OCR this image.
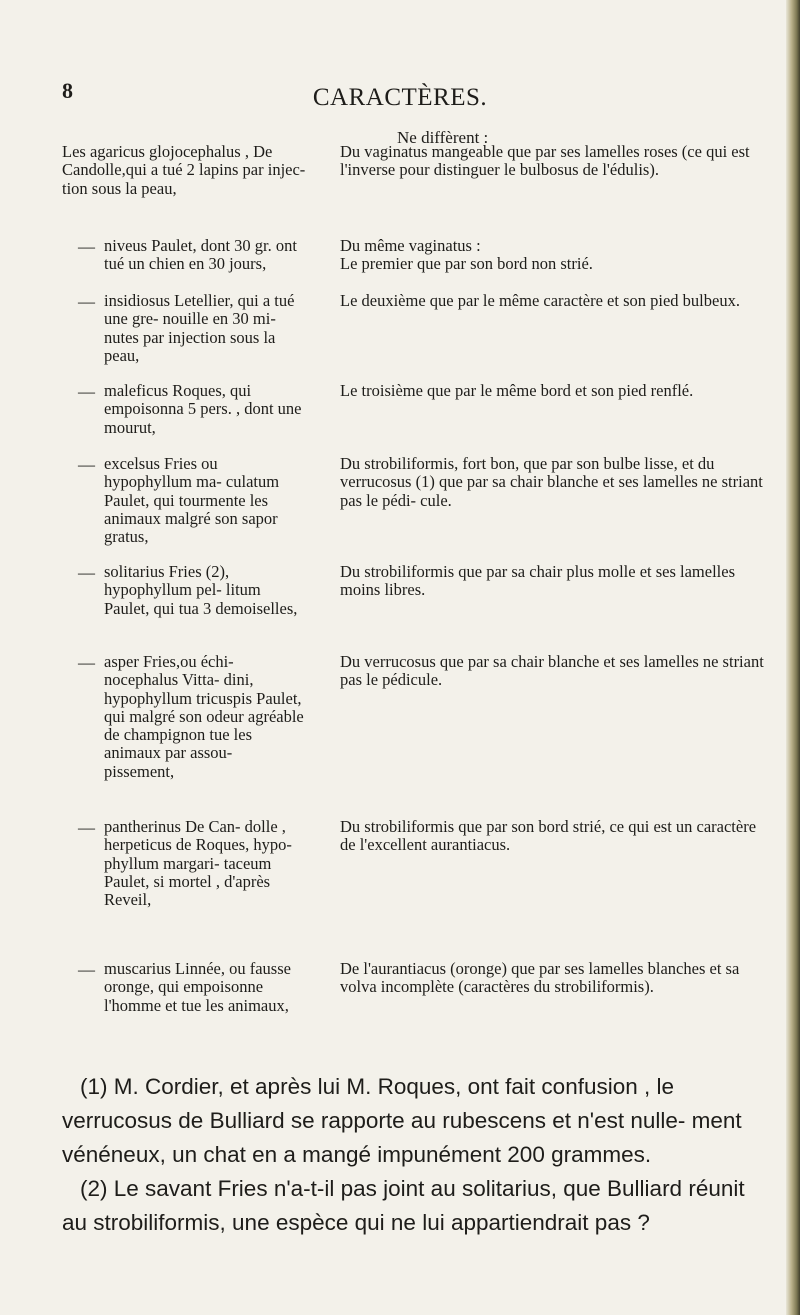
8	CARACTÈRES.
Ne diffèrent :
Les agaricus glojocephalus , De Candolle,qui a tué 2 lapins par injec- tion sous la peau,
Du vaginatus mangeable que par ses lamelles roses (ce qui est l'inverse pour distinguer le bulbosus de l'édulis).
— niveus Paulet, dont 30 gr. ont tué un chien en 30 jours,
Du même vaginatus :
Le premier que par son bord non strié.
— insidiosus Letellier, qui a tué une gre- nouille en 30 mi- nutes par injection sous la peau,
Le deuxième que par le même caractère et son pied bulbeux.
— maleficus Roques, qui empoisonna 5 pers. , dont une mourut,
Le troisième que par le même bord et son pied renflé.
— excelsus Fries ou hypophyllum ma- culatum Paulet, qui tourmente les animaux malgré son sapor gratus,
Du strobiliformis, fort bon, que par son bulbe lisse, et du verrucosus (1) que par sa chair blanche et ses lamelles ne striant pas le pédi- cule.
— solitarius Fries (2), hypophyllum pel- litum Paulet, qui tua 3 demoiselles,
Du strobiliformis que par sa chair plus molle et ses lamelles moins libres.
— asper Fries,ou échi- nocephalus Vitta- dini, hypophyllum tricuspis Paulet, qui malgré son odeur agréable de champignon tue les animaux par assou- pissement,
Du verrucosus que par sa chair blanche et ses lamelles ne striant pas le pédicule.
— pantherinus De Can- dolle , herpeticus de Roques, hypo- phyllum margari- taceum Paulet, si mortel , d'après Reveil,
Du strobiliformis que par son bord strié, ce qui est un caractère de l'excellent aurantiacus.
— muscarius Linnée, ou fausse oronge, qui empoisonne l'homme et tue les animaux,
De l'aurantiacus (oronge) que par ses lamelles blanches et sa volva incomplète (caractères du strobiliformis).

(1) M. Cordier, et après lui M. Roques, ont fait confusion , le verrucosus de Bulliard se rapporte au rubescens et n'est nulle- ment vénéneux, un chat en a mangé impunément 200 grammes.

(2) Le savant Fries n'a-t-il pas joint au solitarius, que Bulliard réunit au strobiliformis, une espèce qui ne lui appartiendrait pas ?
